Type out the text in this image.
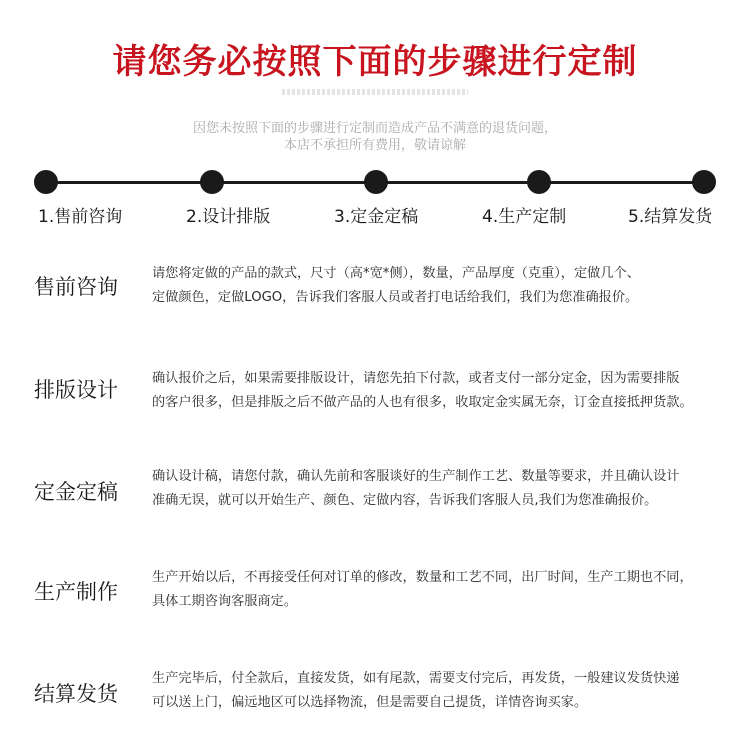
请您务必按照下面的步骤进行定制
因您未按照下面的步骤进行定制而造成产品不满意的退货问题，
本店不承担所有费用，敬请谅解
1.售前咨询	2.设计排版	3.定金定稿	4.生产定制	5.结算发货
售前咨询
请您将定做的产品的款式，尺寸（高*宽*侧），数量，产品厚度（克重），定做几个、
定做颜色，定做LOGO，告诉我们客服人员或者打电话给我们，我们为您准确报价。
排版设计	确认报价之后，如果需要排版设计，请您先拍下付款，或者支付一部分定金，因为需要排版
的客户很多，但是排版之后不做产品的人也有很多，收取定金实属无奈，订金直接抵押货款。
定金定稿
确认设计稿，请您付款，确认先前和客服谈好的生产制作工艺、数量等要求，并且确认设计
准确无误，就可以开始生产、颜色、定做内容，告诉我们客服人员,我们为您准确报价。
生产制作
生产开始以后，不再接受任何对订单的修改，数量和工艺不同，出厂时间，生产工期也不同，
具体工期咨询客服商定。
结算发货
生产完毕后，付全款后，直接发货，如有尾款，需要支付完后，再发货，一般建议发货快递
可以送上门，偏远地区可以选择物流，但是需要自己提货，详情咨询买家。
